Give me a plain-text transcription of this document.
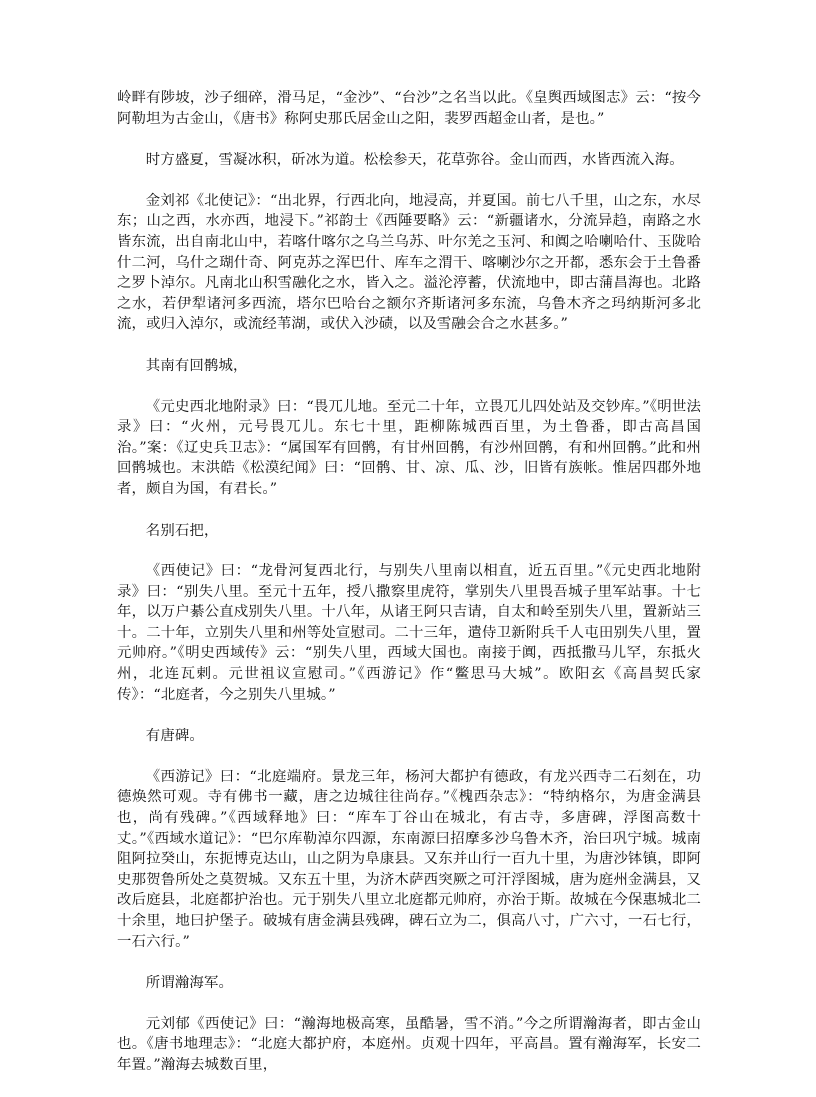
岭畔有陟坡，沙子细碎，滑马足，“金沙”、“台沙”之名当以此。《皇舆西域图志》云：“按今阿勒坦为古金山，《唐书》称阿史那氏居金山之阳，裴罗西超金山者，是也。”

时方盛夏，雪凝冰积，斫冰为道。松桧参天，花草弥谷。金山而西，水皆西流入海。

金刘祁《北使记》：“出北界，行西北向，地浸高，并夏国。前七八千里，山之东，水尽东；山之西，水亦西，地浸下。”祁韵士《西陲要略》云：“新疆诸水，分流异趋，南路之水皆东流，出自南北山中，若喀什喀尔之乌兰乌苏、叶尔羌之玉河、和阗之哈喇哈什、玉陇哈什二河，乌什之瑚什奇、阿克苏之浑巴什、库车之渭干、喀喇沙尔之开都，悉东会于土鲁番之罗卜淖尔。凡南北山积雪融化之水，皆入之。溢沦渟蓄，伏流地中，即古蒲昌海也。北路之水，若伊犁诸河多西流，塔尔巴哈台之额尔齐斯诸河多东流，乌鲁木齐之玛纳斯河多北流，或归入淖尔，或流经苇湖，或伏入沙碛，以及雪融会合之水甚多。”

其南有回鹘城，

《元史西北地附录》曰：“畏兀儿地。至元二十年，立畏兀儿四处站及交钞库。”《明世法录》曰：“火州，元号畏兀儿。东七十里，距柳陈城西百里，为土鲁番，即古高昌国治。”案：《辽史兵卫志》：“属国军有回鹘，有甘州回鹘，有沙州回鹘，有和州回鹘。”此和州回鹘城也。末洪皓《松漠纪闻》曰：“回鹘、甘、凉、瓜、沙，旧皆有族帐。惟居四郡外地者，颇自为国，有君长。”

名别石把，

《西使记》曰：“龙骨河复西北行，与别失八里南以相直，近五百里。”《元史西北地附录》曰：“别失八里。至元十五年，授八撒察里虎符，掌别失八里畏吾城子里军站事。十七年，以万户綦公直戍别失八里。十八年，从诸王阿只吉请，自太和岭至别失八里，置新站三十。二十年，立别失八里和州等处宣慰司。二十三年，遣侍卫新附兵千人屯田别失八里，置元帅府。”《明史西域传》云：“别失八里，西域大国也。南接于阗，西抵撒马儿罕，东抵火州，北连瓦剌。元世祖议宣慰司。”《西游记》作“鳖思马大城”。欧阳玄《高昌契氏家传》：“北庭者，今之别失八里城。”

有唐碑。

《西游记》曰：“北庭端府。景龙三年，杨河大都护有德政，有龙兴西寺二石刻在，功德焕然可观。寺有佛书一藏，唐之边城往往尚存。”《槐西杂志》：“特纳格尔，为唐金满县也，尚有残碑。”《西域释地》曰：“库车丁谷山在城北，有古寺，多唐碑，浮图高数十丈。”《西域水道记》：“巴尔库勒淖尔四源，东南源曰招摩多沙乌鲁木齐，治曰巩宁城。城南阻阿拉癸山，东扼博克达山，山之阴为阜康县。又东并山行一百九十里，为唐沙钵镇，即阿史那贺鲁所处之莫贺城。又东五十里，为济木萨西突厥之可汗浮图城，唐为庭州金满县，又改后庭县，北庭都护治也。元于别失八里立北庭都元帅府，亦治于斯。故城在今保惠城北二十余里，地曰护堡子。破城有唐金满县残碑，碑石立为二，俱高八寸，广六寸，一石七行，一石六行。”

所谓瀚海军。

元刘郁《西使记》曰：“瀚海地极高寒，虽酷暑，雪不消。”今之所谓瀚海者，即古金山也。《唐书地理志》：“北庭大都护府，本庭州。贞观十四年，平高昌。置有瀚海军，长安二年置。”瀚海去城数百里，
